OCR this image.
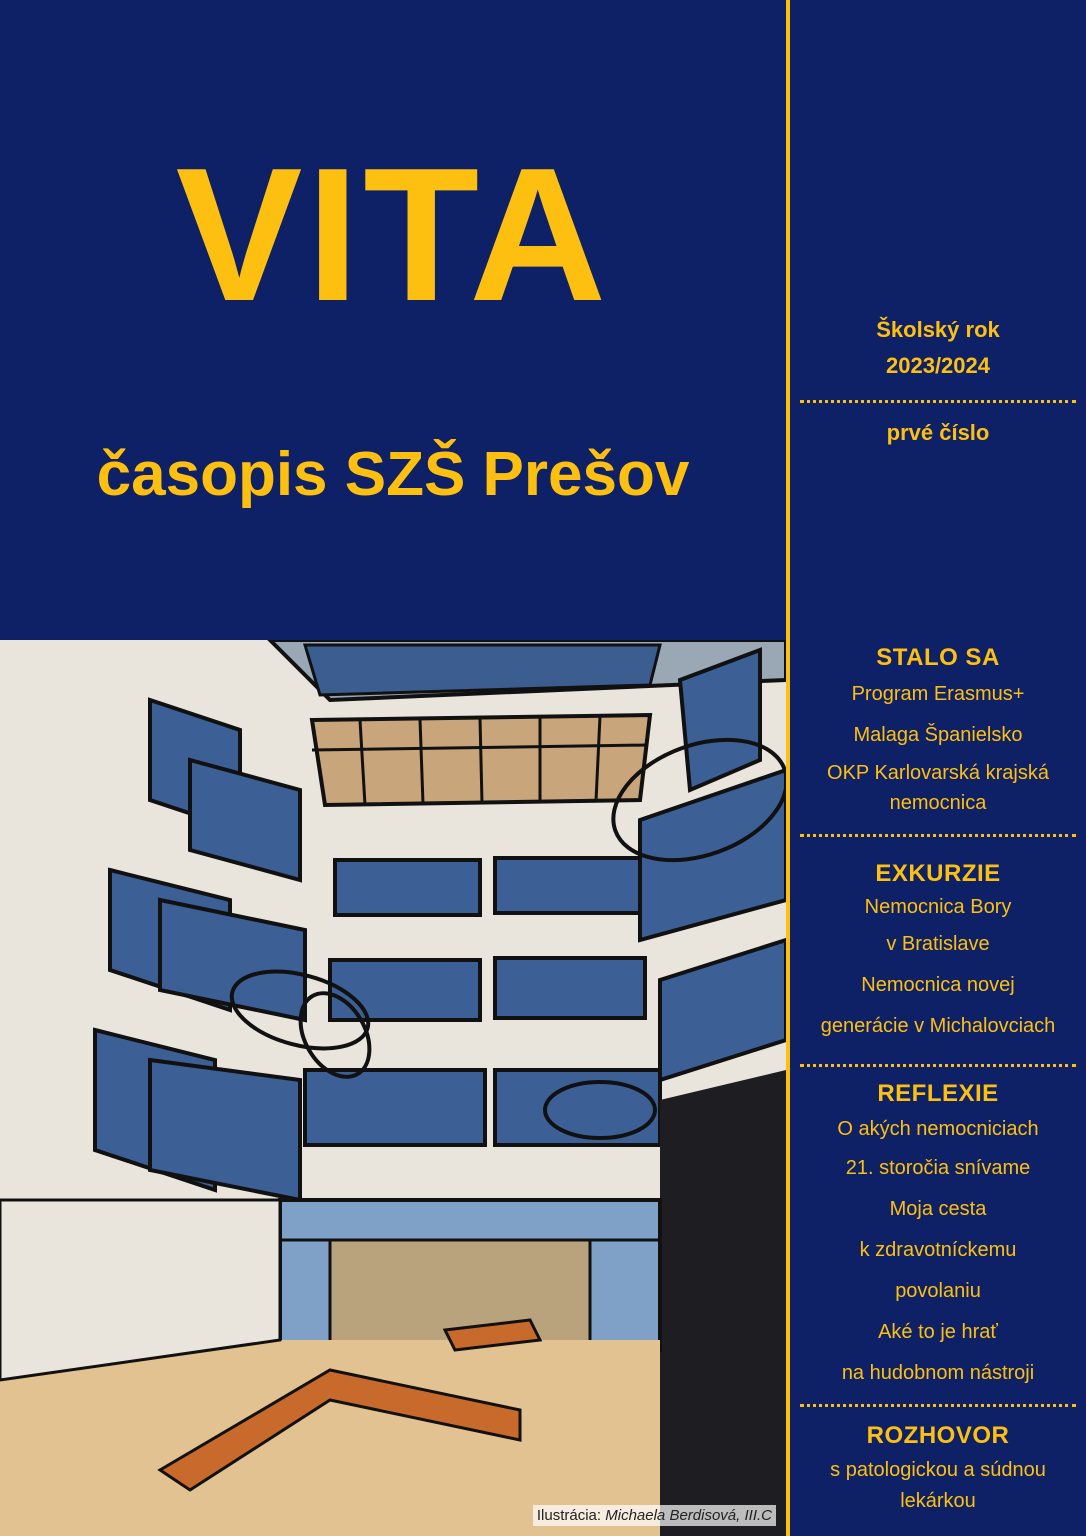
VITA
časopis SZŠ Prešov
Ilustrácia: Michaela Berdisová, III.C
Školský rok
2023/2024
prvé číslo
STALO SA
Program Erasmus+
Malaga Španielsko
OKP Karlovarská krajská
nemocnica
EXKURZIE
Nemocnica Bory
v Bratislave
Nemocnica novej
generácie v Michalovciach
REFLEXIE
O akých nemocniciach
21. storočia snívame
Moja cesta
k zdravotníckemu
povolaniu
Aké to je hrať
na hudobnom nástroji
ROZHOVOR
s patologickou a súdnou
lekárkou
